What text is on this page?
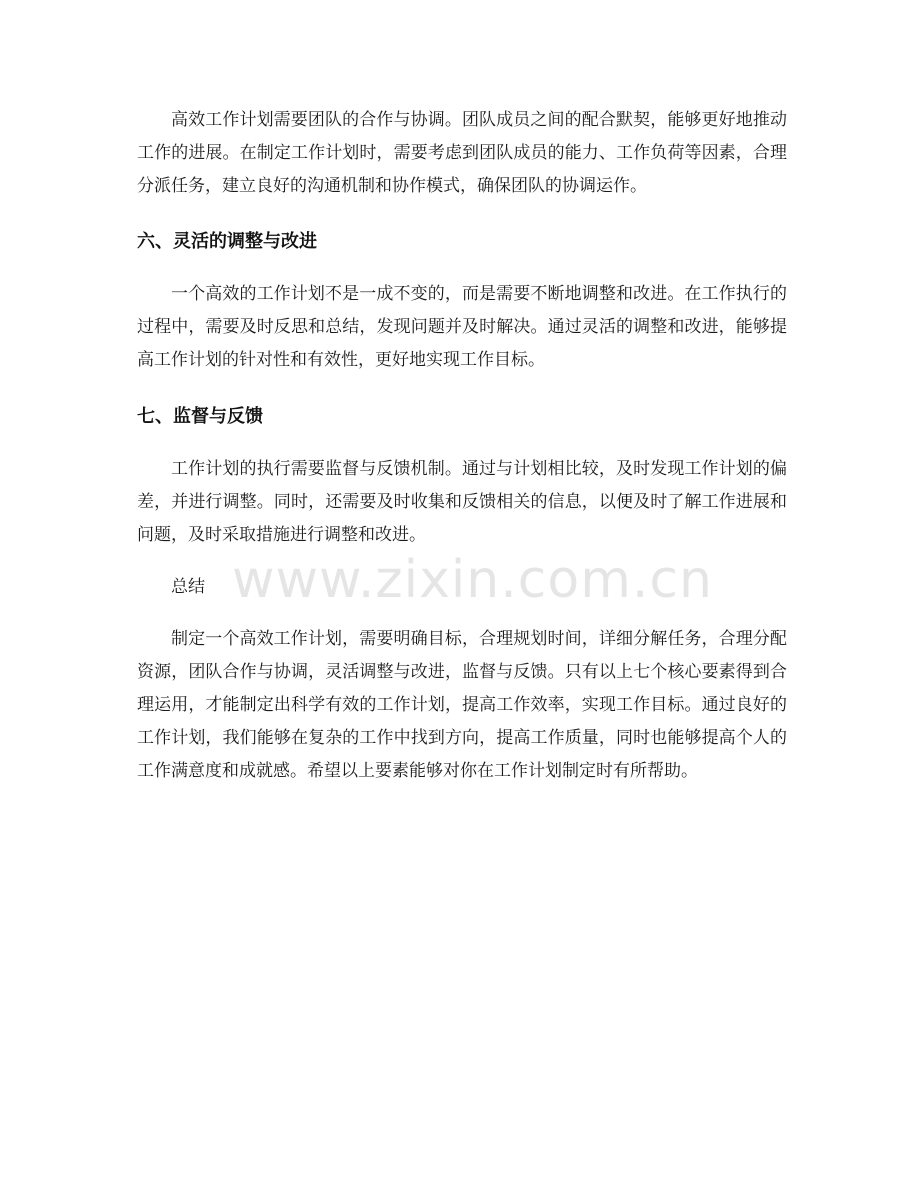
高效工作计划需要团队的合作与协调。团队成员之间的配合默契，能够更好地推动工作的进展。在制定工作计划时，需要考虑到团队成员的能力、工作负荷等因素，合理分派任务，建立良好的沟通机制和协作模式，确保团队的协调运作。

六、灵活的调整与改进

一个高效的工作计划不是一成不变的，而是需要不断地调整和改进。在工作执行的过程中，需要及时反思和总结，发现问题并及时解决。通过灵活的调整和改进，能够提高工作计划的针对性和有效性，更好地实现工作目标。

七、监督与反馈

工作计划的执行需要监督与反馈机制。通过与计划相比较，及时发现工作计划的偏差，并进行调整。同时，还需要及时收集和反馈相关的信息，以便及时了解工作进展和问题，及时采取措施进行调整和改进。

总结

制定一个高效工作计划，需要明确目标，合理规划时间，详细分解任务，合理分配资源，团队合作与协调，灵活调整与改进，监督与反馈。只有以上七个核心要素得到合理运用，才能制定出科学有效的工作计划，提高工作效率，实现工作目标。通过良好的工作计划，我们能够在复杂的工作中找到方向，提高工作质量，同时也能够提高个人的工作满意度和成就感。希望以上要素能够对你在工作计划制定时有所帮助。

www.zixin.com.cn
